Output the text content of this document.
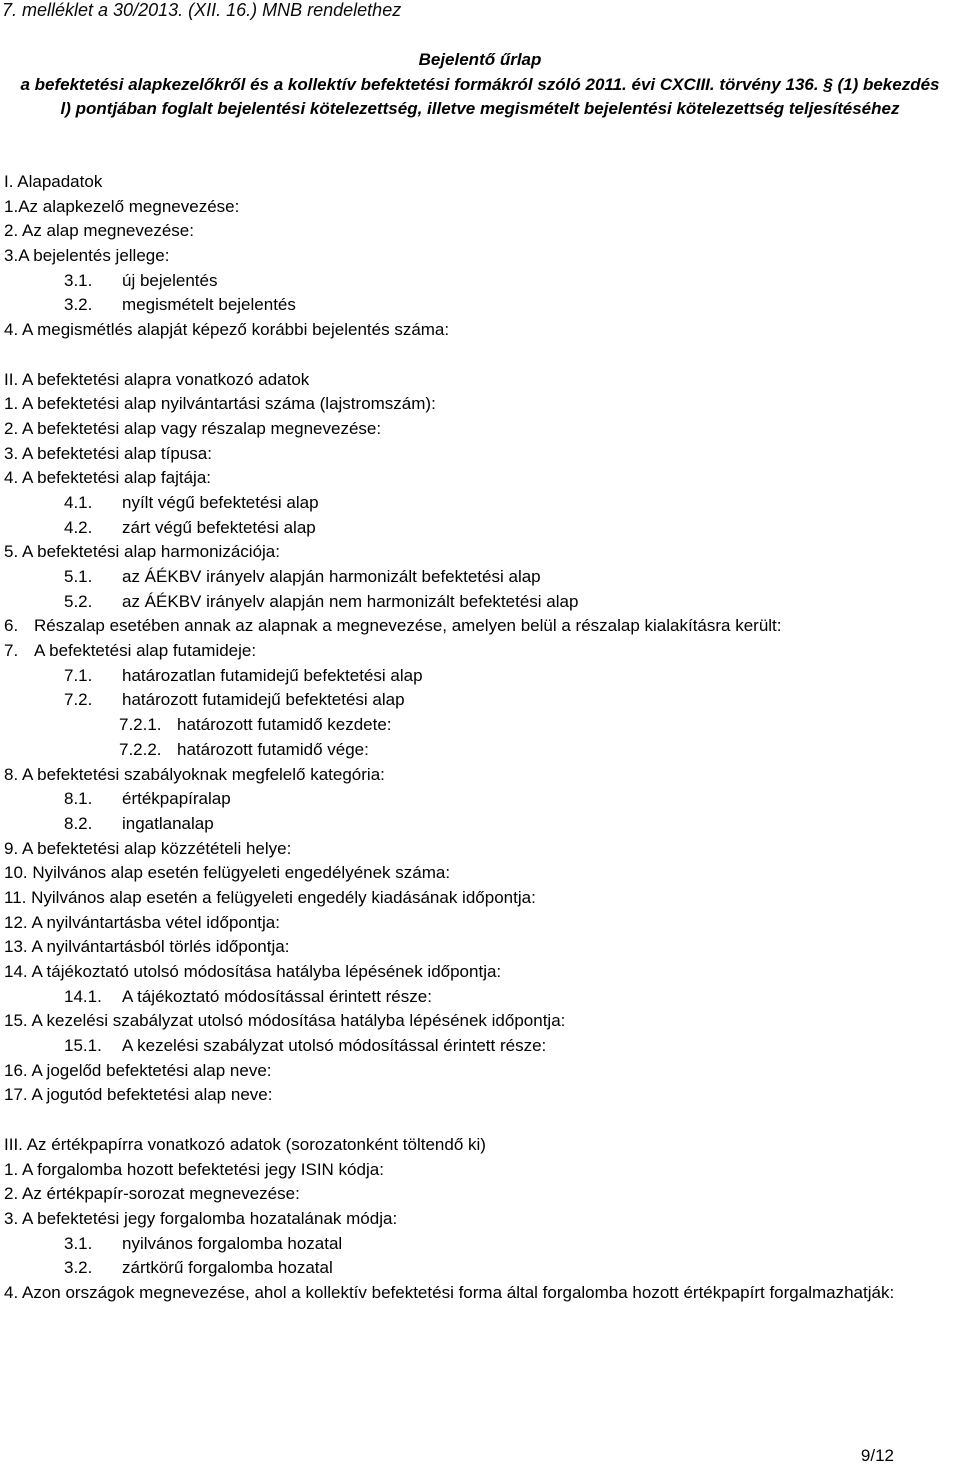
7. melléklet a 30/2013. (XII. 16.) MNB rendelethez
Bejelentő űrlap
a befektetési alapkezelőkről és a kollektív befektetési formákról szóló 2011. évi CXCIII. törvény 136. § (1) bekezdés
l) pontjában foglalt bejelentési kötelezettség, illetve megismételt bejelentési kötelezettség teljesítéséhez
I. Alapadatok
1.Az alapkezelő megnevezése:
2. Az alap megnevezése:
3.A bejelentés jellege:
3.1. új bejelentés
3.2. megismételt bejelentés
4. A megismétlés alapját képező korábbi bejelentés száma:
II. A befektetési alapra vonatkozó adatok
1. A befektetési alap nyilvántartási száma (lajstromszám):
2. A befektetési alap vagy részalap megnevezése:
3. A befektetési alap típusa:
4. A befektetési alap fajtája:
4.1. nyílt végű befektetési alap
4.2. zárt végű befektetési alap
5. A befektetési alap harmonizációja:
5.1. az ÁÉKBV irányelv alapján harmonizált befektetési alap
5.2. az ÁÉKBV irányelv alapján nem harmonizált befektetési alap
6. Részalap esetében annak az alapnak a megnevezése, amelyen belül a részalap kialakításra került:
7. A befektetési alap futamideje:
7.1. határozatlan futamidejű befektetési alap
7.2. határozott futamidejű befektetési alap
7.2.1. határozott futamidő kezdete:
7.2.2. határozott futamidő vége:
8. A befektetési szabályoknak megfelelő kategória:
8.1. értékpapíralap
8.2. ingatlanalap
9. A befektetési alap közzétételi helye:
10. Nyilvános alap esetén felügyeleti engedélyének száma:
11. Nyilvános alap esetén a felügyeleti engedély kiadásának időpontja:
12. A nyilvántartásba vétel időpontja:
13. A nyilvántartásból törlés időpontja:
14. A tájékoztató utolsó módosítása hatályba lépésének időpontja:
14.1. A tájékoztató módosítással érintett része:
15. A kezelési szabályzat utolsó módosítása hatályba lépésének időpontja:
15.1. A kezelési szabályzat utolsó módosítással érintett része:
16. A jogelőd befektetési alap neve:
17. A jogutód befektetési alap neve:
III. Az értékpapírra vonatkozó adatok (sorozatonként töltendő ki)
1. A forgalomba hozott befektetési jegy ISIN kódja:
2. Az értékpapír-sorozat megnevezése:
3. A befektetési jegy forgalomba hozatalának módja:
3.1. nyilvános forgalomba hozatal
3.2. zártkörű forgalomba hozatal
4. Azon országok megnevezése, ahol a kollektív befektetési forma által forgalomba hozott értékpapírt forgalmazhatják:
9/12
